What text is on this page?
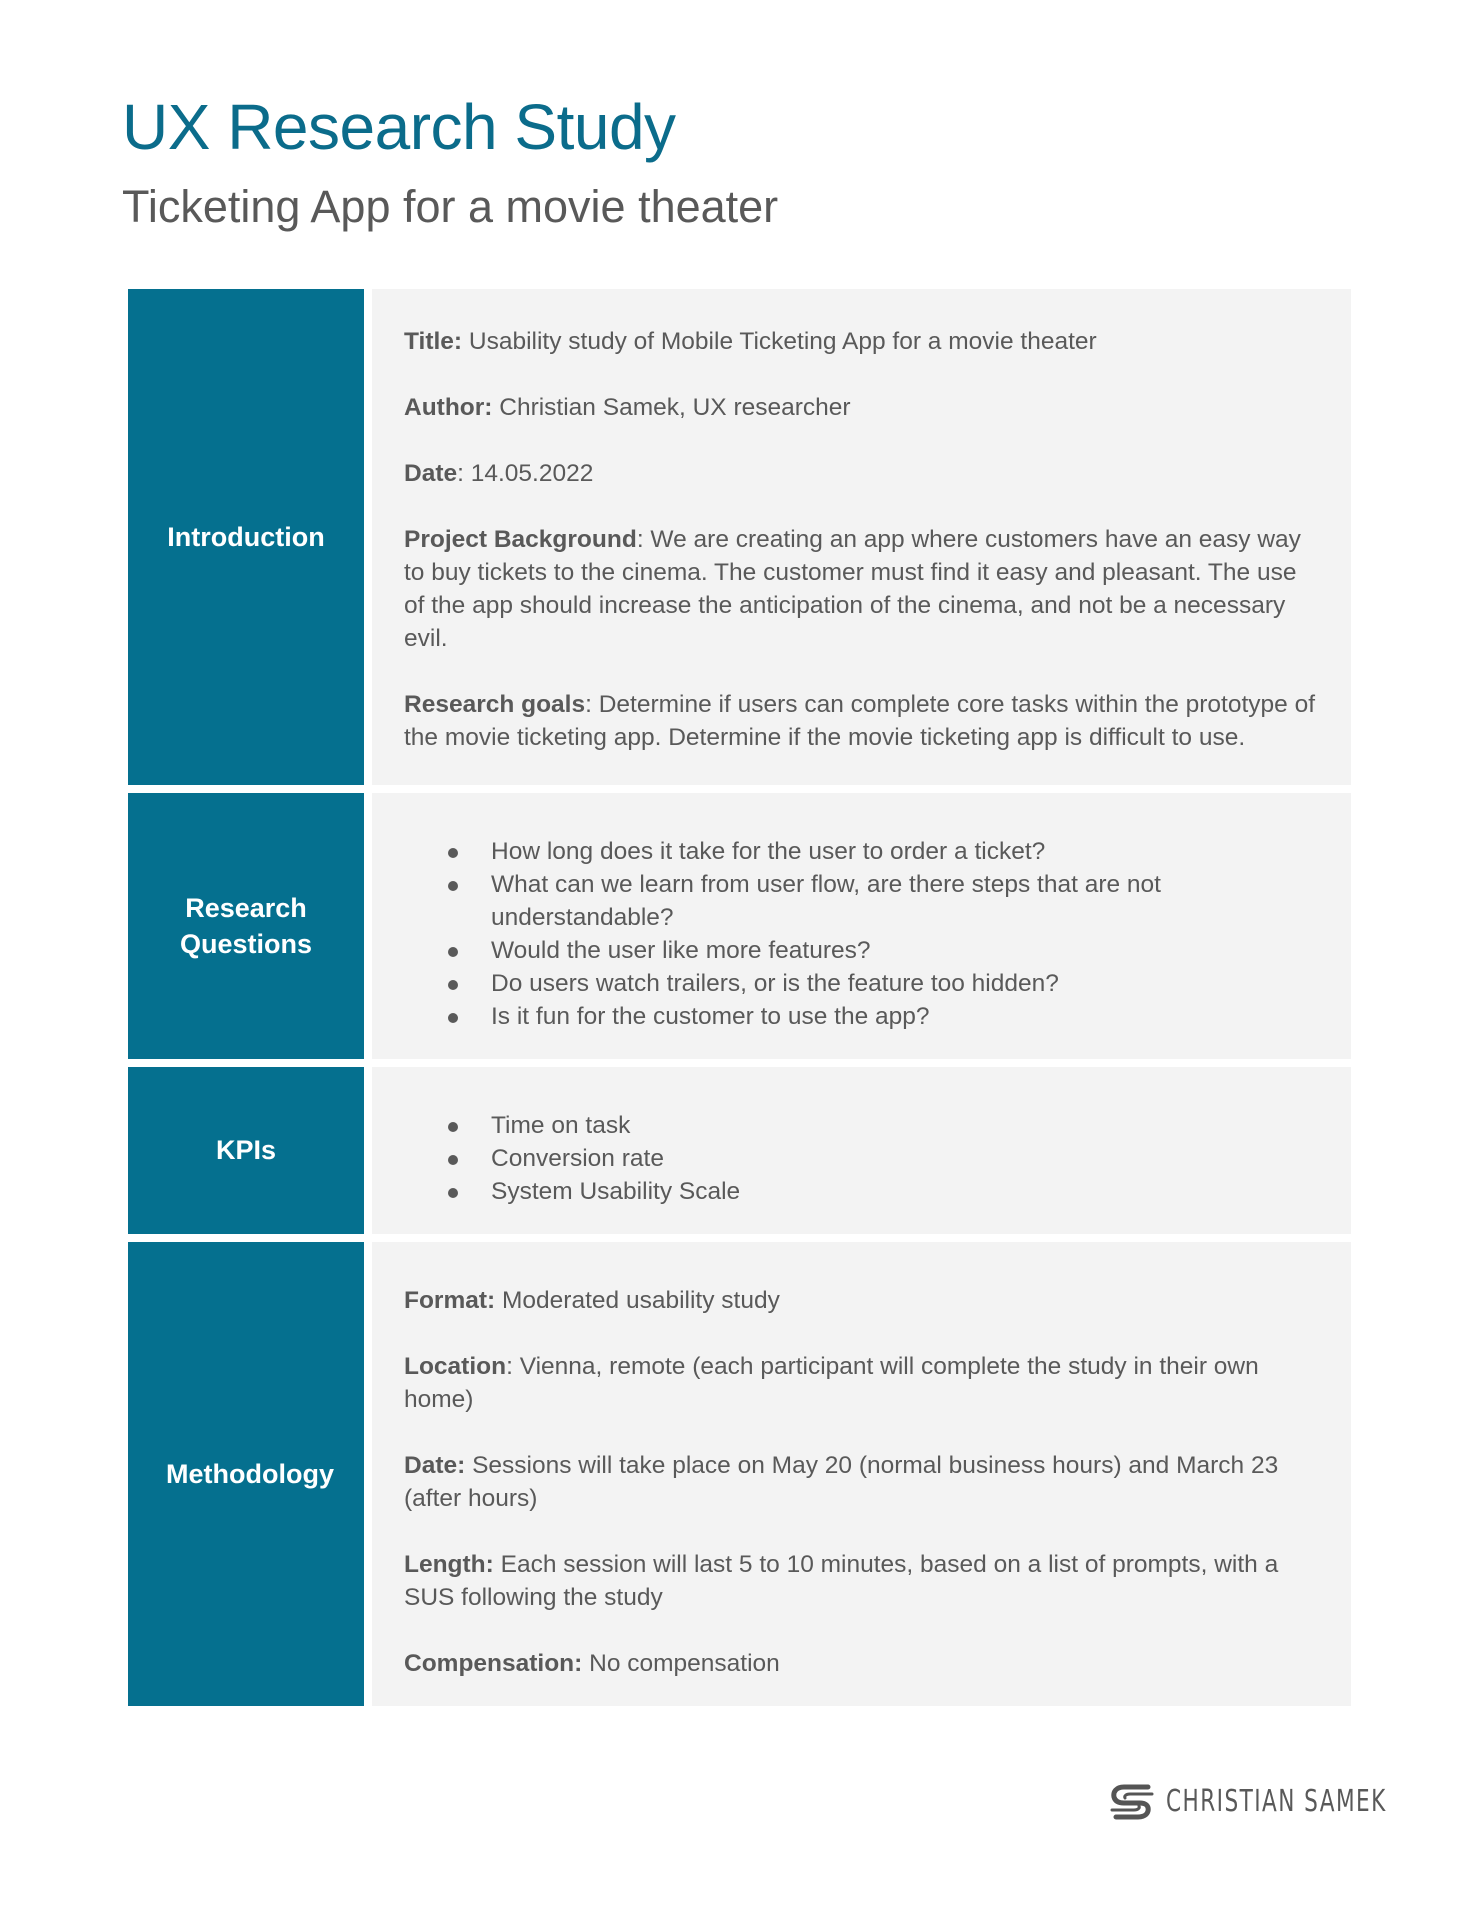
UX Research Study
Ticketing App for a movie theater
Introduction

Title: Usability study of Mobile Ticketing App for a movie theater

Author: Christian Samek, UX researcher

Date: 14.05.2022

Project Background: We are creating an app where customers have an easy way to buy tickets to the cinema. The customer must find it easy and pleasant. The use of the app should increase the anticipation of the cinema, and not be a necessary evil.

Research goals: Determine if users can complete core tasks within the prototype of the movie ticketing app. Determine if the movie ticketing app is difficult to use.

Research Questions
How long does it take for the user to order a ticket?
What can we learn from user flow, are there steps that are not understandable?
Would the user like more features?
Do users watch trailers, or is the feature too hidden?
Is it fun for the customer to use the app?
KPIs
Time on task
Conversion rate
System Usability Scale
Methodology

Format: Moderated usability study

Location: Vienna, remote (each participant will complete the study in their own home)

Date: Sessions will take place on May 20 (normal business hours) and March 23 (after hours)

Length: Each session will last 5 to 10 minutes, based on a list of prompts, with a SUS following the study

Compensation: No compensation

CHRISTIAN SAMEK
